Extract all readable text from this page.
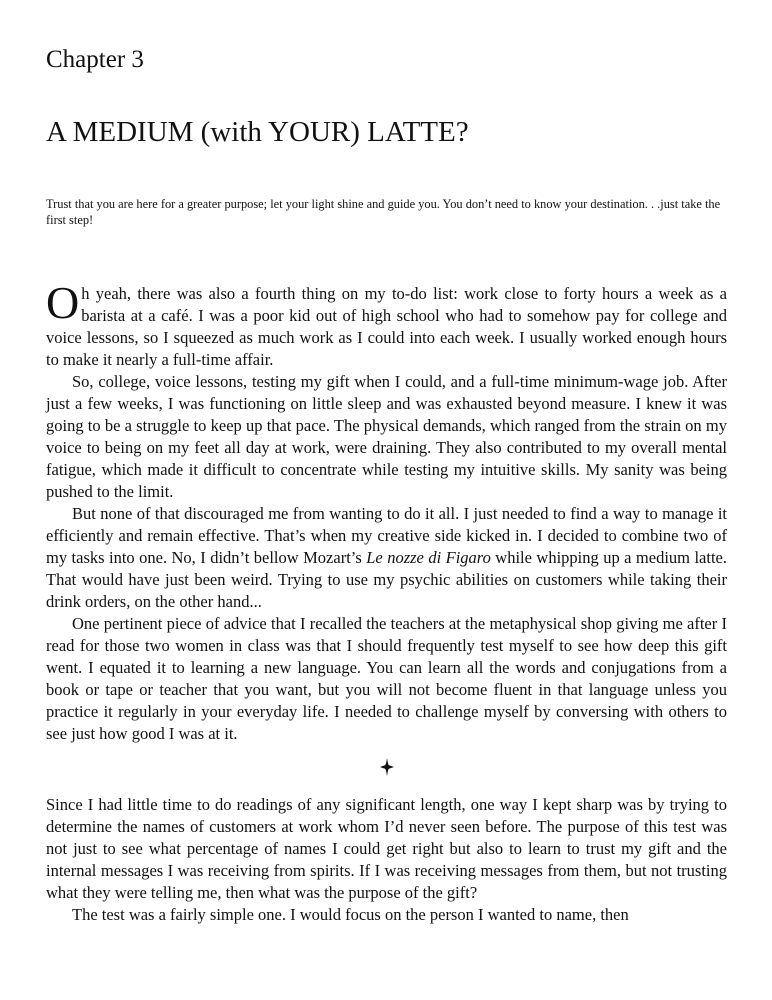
Chapter 3
A MEDIUM (with YOUR) LATTE?

Trust that you are here for a greater purpose; let your light shine and guide you. You don’t need to know your destination. . .just take the first step!

Oh yeah, there was also a fourth thing on my to-do list: work close to forty hours a week as a barista at a café. I was a poor kid out of high school who had to somehow pay for college and voice lessons, so I squeezed as much work as I could into each week. I usually worked enough hours to make it nearly a full-time affair.

So, college, voice lessons, testing my gift when I could, and a full-time minimum-wage job. After just a few weeks, I was functioning on little sleep and was exhausted beyond measure. I knew it was going to be a struggle to keep up that pace. The physical demands, which ranged from the strain on my voice to being on my feet all day at work, were draining. They also contributed to my overall mental fatigue, which made it difficult to concentrate while testing my intuitive skills. My sanity was being pushed to the limit.

But none of that discouraged me from wanting to do it all. I just needed to find a way to manage it efficiently and remain effective. That’s when my creative side kicked in. I decided to combine two of my tasks into one. No, I didn’t bellow Mozart’s Le nozze di Figaro while whipping up a medium latte. That would have just been weird. Trying to use my psychic abilities on customers while taking their drink orders, on the other hand...

One pertinent piece of advice that I recalled the teachers at the metaphysical shop giving me after I read for those two women in class was that I should frequently test myself to see how deep this gift went. I equated it to learning a new language. You can learn all the words and conjugations from a book or tape or teacher that you want, but you will not become fluent in that language unless you practice it regularly in your everyday life. I needed to challenge myself by conversing with others to see just how good I was at it.

Since I had little time to do readings of any significant length, one way I kept sharp was by trying to determine the names of customers at work whom I’d never seen before. The purpose of this test was not just to see what percentage of names I could get right but also to learn to trust my gift and the internal messages I was receiving from spirits. If I was receiving messages from them, but not trusting what they were telling me, then what was the purpose of the gift?

The test was a fairly simple one. I would focus on the person I wanted to name, then
